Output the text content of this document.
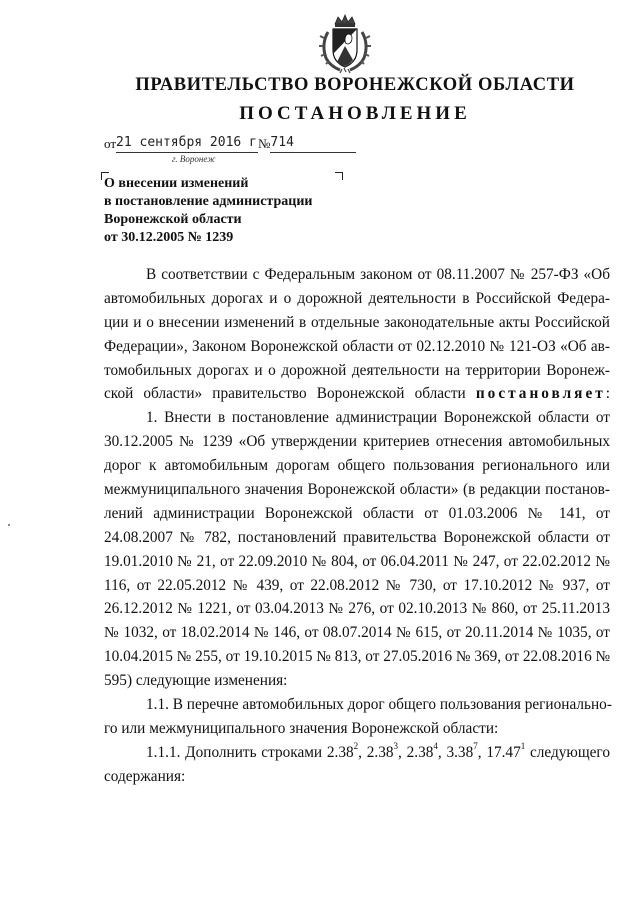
ПРАВИТЕЛЬСТВО ВОРОНЕЖСКОЙ ОБЛАСТИ
ПОСТАНОВЛЕНИЕ
от21 сентября 2016 г№714
г. Воронеж
О внесении изменений
в постановление администрации
Воронежской области
от 30.12.2005 № 1239
В соответствии с Федеральным законом от 08.11.2007 № 257-ФЗ «Об
автомобильных дорогах и о дорожной деятельности в Российской Федера-
ции и о внесении изменений в отдельные законодательные акты Российской
Федерации», Законом Воронежской области от 02.12.2010 № 121-ОЗ «Об ав-
томобильных дорогах и о дорожной деятельности на территории Воронеж-
ской области» правительство Воронежской области постановляет:
1. Внести в постановление администрации Воронежской области от
30.12.2005 № 1239 «Об утверждении критериев отнесения автомобильных
дорог к автомобильным дорогам общего пользования регионального или
межмуниципального значения Воронежской области» (в редакции постанов-
лений администрации Воронежской области от 01.03.2006 № 141, от
24.08.2007 № 782, постановлений правительства Воронежской области от
19.01.2010 № 21, от 22.09.2010 № 804, от 06.04.2011 № 247, от 22.02.2012 №
116, от 22.05.2012 № 439, от 22.08.2012 № 730, от 17.10.2012 № 937, от
26.12.2012 № 1221, от 03.04.2013 № 276, от 02.10.2013 № 860, от 25.11.2013
№ 1032, от 18.02.2014 № 146, от 08.07.2014 № 615, от 20.11.2014 № 1035, от
10.04.2015 № 255, от 19.10.2015 № 813, от 27.05.2016 № 369, от 22.08.2016 №
595) следующие изменения:
1.1. В перечне автомобильных дорог общего пользования регионально-
го или межмуниципального значения Воронежской области:
1.1.1. Дополнить строками 2.38$^2$, 2.38$^3$, 2.38$^4$, 3.38$^7$, 17.47$^1$ следующего
содержания:
